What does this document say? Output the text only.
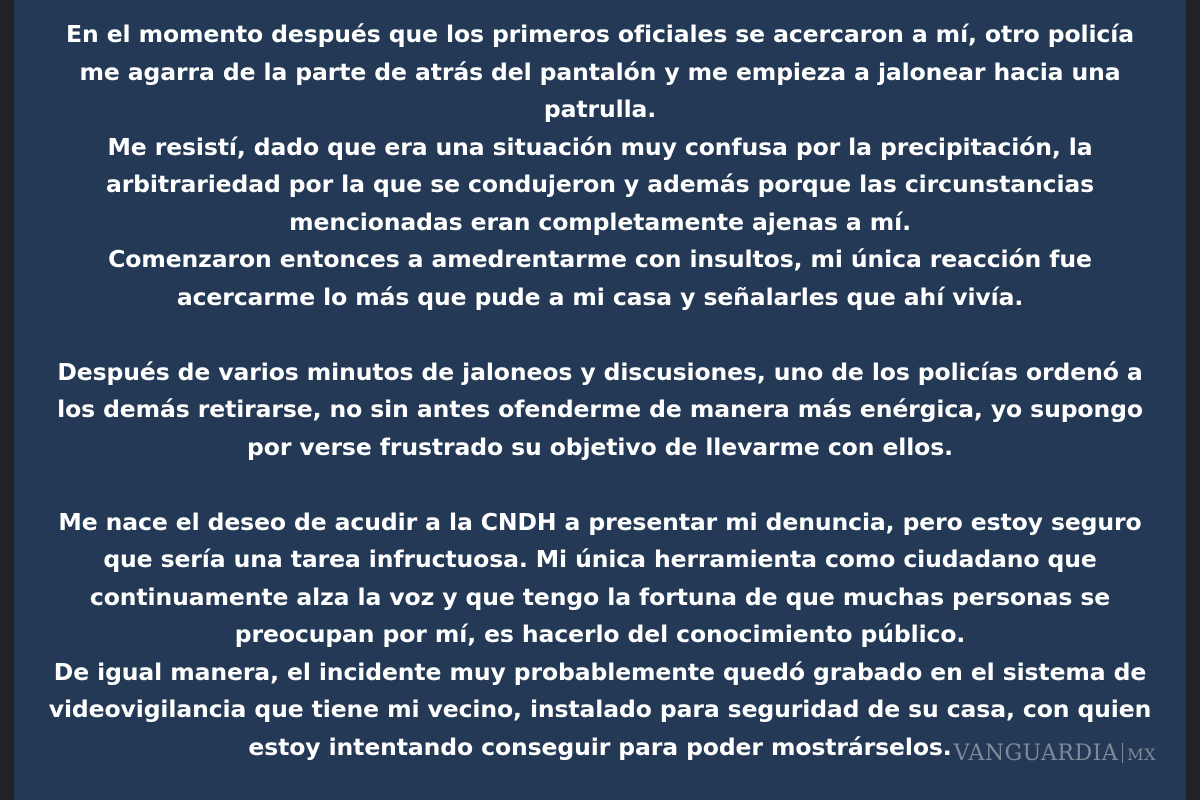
En el momento después que los primeros oficiales se acercaron a mí, otro policía
me agarra de la parte de atrás del pantalón y me empieza a jalonear hacia una
patrulla.
Me resistí, dado que era una situación muy confusa por la precipitación, la
arbitrariedad por la que se condujeron y además porque las circunstancias
mencionadas eran completamente ajenas a mí.
Comenzaron entonces a amedrentarme con insultos, mi única reacción fue
acercarme lo más que pude a mi casa y señalarles que ahí vivía.
Después de varios minutos de jaloneos y discusiones, uno de los policías ordenó a
los demás retirarse, no sin antes ofenderme de manera más enérgica, yo supongo
por verse frustrado su objetivo de llevarme con ellos.
Me nace el deseo de acudir a la CNDH a presentar mi denuncia, pero estoy seguro
que sería una tarea infructuosa. Mi única herramienta como ciudadano que
continuamente alza la voz y que tengo la fortuna de que muchas personas se
preocupan por mí, es hacerlo del conocimiento público.
De igual manera, el incidente muy probablemente quedó grabado en el sistema de
videovigilancia que tiene mi vecino, instalado para seguridad de su casa, con quien
estoy intentando conseguir para poder mostrárselos. VANGUARDIA MX
